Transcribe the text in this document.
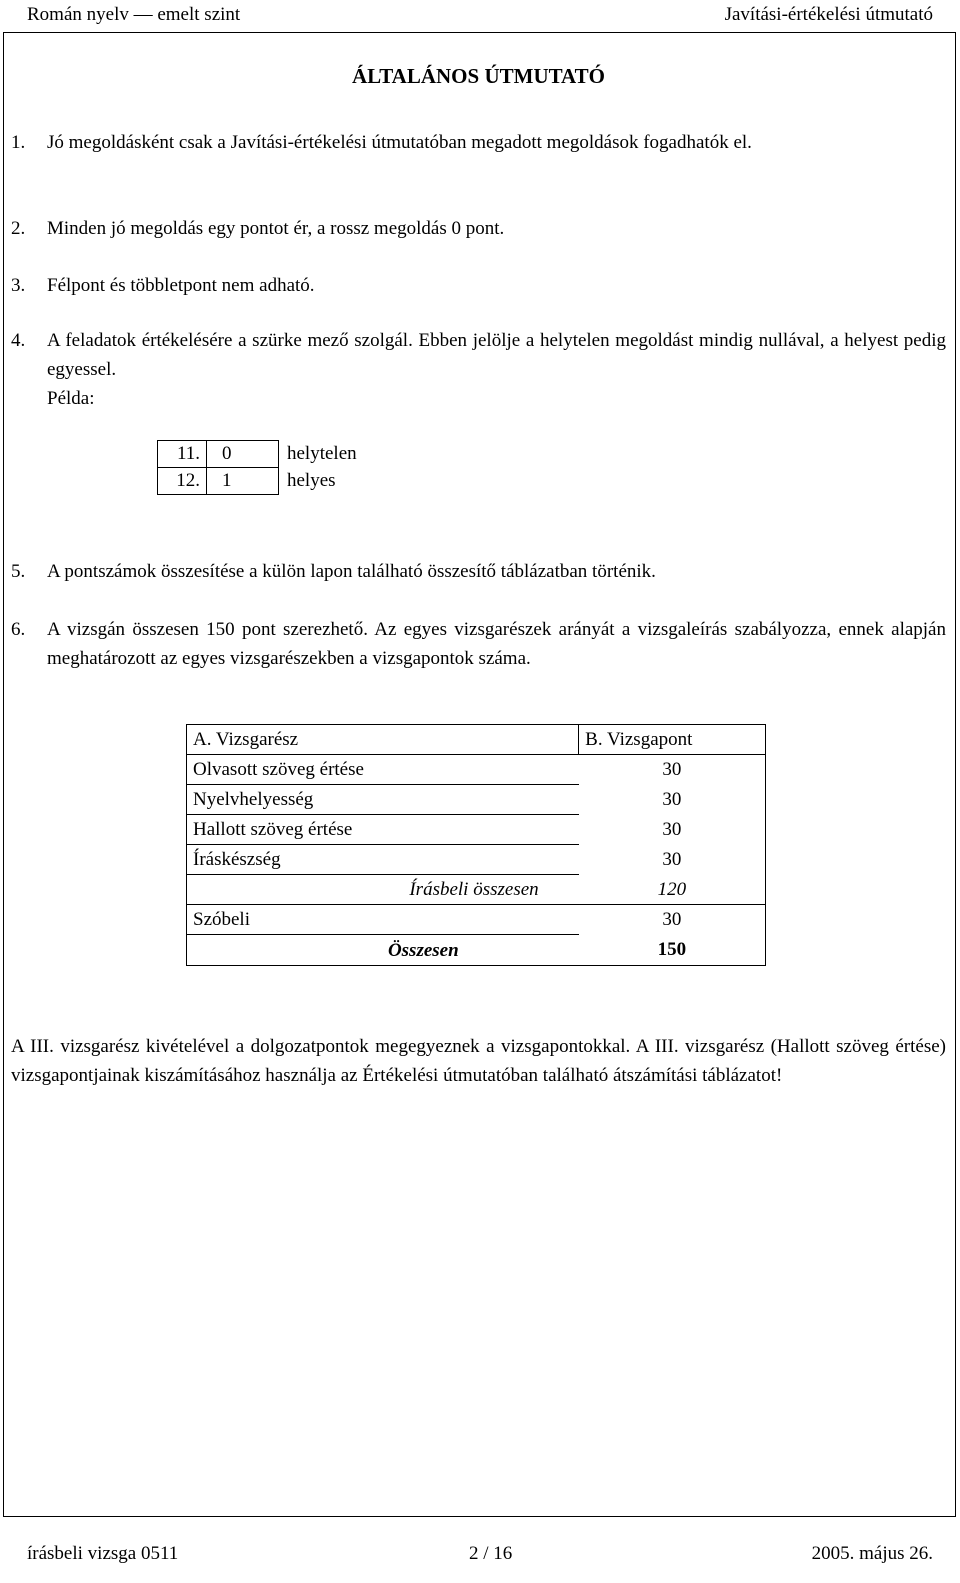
Román nyelv — emelt szint	Javítási-értékelési útmutató
ÁLTALÁNOS ÚTMUTATÓ
1. Jó megoldásként csak a Javítási-értékelési útmutatóban megadott megoldások fogadhatók el.
2. Minden jó megoldás egy pontot ér, a rossz megoldás 0 pont.
3. Félpont és többletpont nem adható.
4. A feladatok értékelésére a szürke mező szolgál. Ebben jelölje a helytelen megoldást mindig nullával, a helyest pedig egyessel.
Példa:
11.	0	helytelen
12.	1	helyes
5. A pontszámok összesítése a külön lapon található összesítő táblázatban történik.
6. A vizsgán összesen 150 pont szerezhető. Az egyes vizsgarészek arányát a vizsgaleírás szabályozza, ennek alapján meghatározott az egyes vizsgarészekben a vizsgapontok száma.
A. Vizsgarész	B. Vizsgapont
Olvasott szöveg értése	30
Nyelvhelyesség	30
Hallott szöveg értése	30
Íráskészség	30
Írásbeli összesen	120
Szóbeli	30
Összesen	150
A III. vizsgarész kivételével a dolgozatpontok megegyeznek a vizsgapontokkal. A III. vizsgarész (Hallott szöveg értése) vizsgapontjainak kiszámításához használja az Értékelési útmutatóban található átszámítási táblázatot!
írásbeli vizsga 0511	2 / 16	2005. május 26.
